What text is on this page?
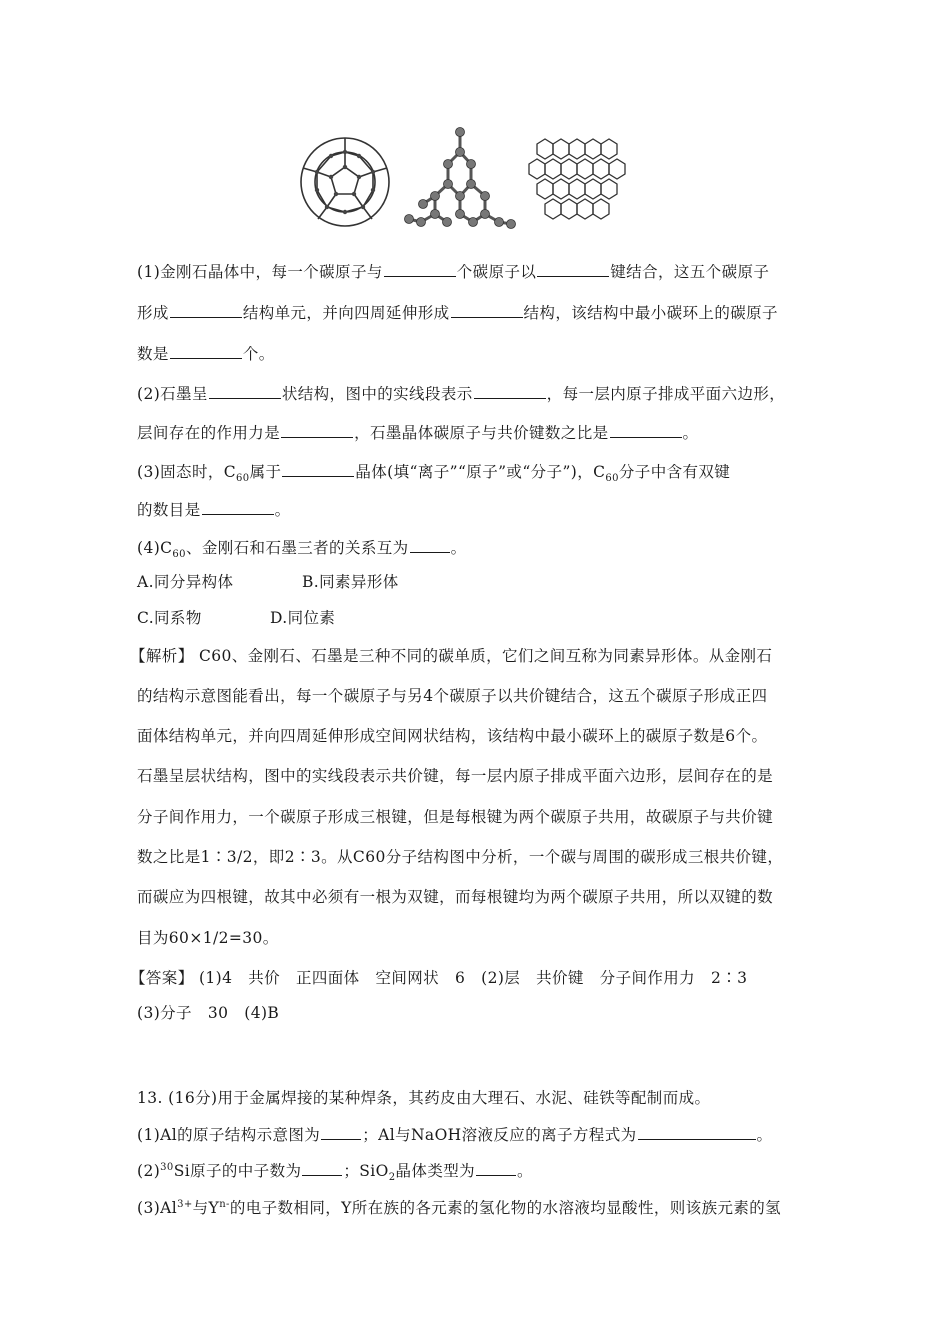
(1)金刚石晶体中，每一个碳原子与	个碳原子以	键结合，这五个碳原子
形成	结构单元，并向四周延伸形成	结构，该结构中最小碳环上的碳原子
数是	个。
(2)石墨呈	状结构，图中的实线段表示	，每一层内原子排成平面六边形，
层间存在的作用力是	，石墨晶体碳原子与共价键数之比是	。
(3)固态时，$C_{60}$属于	晶体(填“离子”“原子”或“分子”)，$C_{60}$分子中含有双键
的数目是	。
$(4)C_{60}$、金刚石和石墨三者的关系互为	。
A.同分异构体	B.同素异形体
C.同系物	D.同位素
【解析】 C60、金刚石、石墨是三种不同的碳单质，它们之间互称为同素异形体。从金刚石
的结构示意图能看出，每一个碳原子与另4个碳原子以共价键结合，这五个碳原子形成正四
面体结构单元，并向四周延伸形成空间网状结构，该结构中最小碳环上的碳原子数是6个。
石墨呈层状结构，图中的实线段表示共价键，每一层内原子排成平面六边形，层间存在的是
分子间作用力，一个碳原子形成三根键，但是每根键为两个碳原子共用，故碳原子与共价键
数之比是1∶3/2，即2∶3。从C60分子结构图中分析，一个碳与周围的碳形成三根共价键，
而碳应为四根键，故其中必须有一根为双键，而每根键均为两个碳原子共用，所以双键的数
目为60×1/2=30。
【答案】 (1)4　共价　正四面体　空间网状　6　(2)层　共价键　分子间作用力　2∶3
(3)分子　30　(4)B
13. (16分)用于金属焊接的某种焊条，其药皮由大理石、水泥、硅铁等配制而成。
(1)Al的原子结构示意图为	；Al与NaOH溶液反应的离子方程式为	。
$(2)^{30}Si$原子的中子数为	；SiO$_2$晶体类型为	。
$(3)Al^{3+}$与$Y^{n-}$的电子数相同，Y所在族的各元素的氢化物的水溶液均显酸性，则该族元素的氢
